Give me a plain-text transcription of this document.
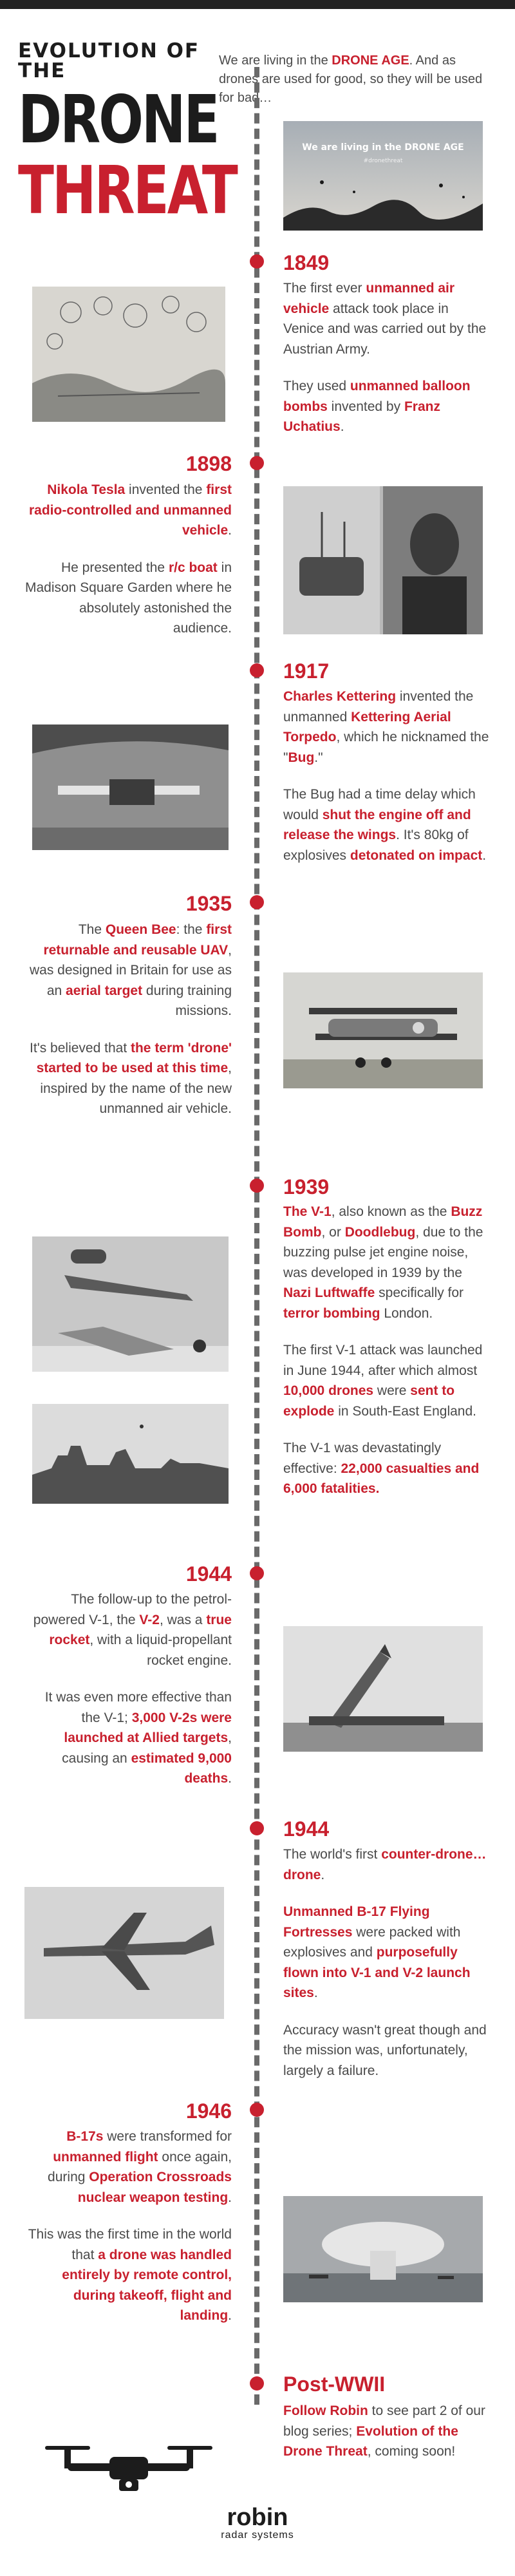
EVOLUTION OF THE
DRONE
THREAT
We are living in the DRONE AGE. And as drones are used for good, so they will be used for bad…
We are living in the DRONE AGE
#dronethreat
1849

The first ever unmanned air vehicle attack took place in Venice and was carried out by the Austrian Army.

They used unmanned balloon bombs invented by Franz Uchatius.

1898

Nikola Tesla invented the first radio-controlled and unmanned vehicle.

He presented the r/c boat in Madison Square Garden where he absolutely astonished the audience.

1917

Charles Kettering invented the unmanned Kettering Aerial Torpedo, which he nicknamed the "Bug."

The Bug had a time delay which would shut the engine off and release the wings. It's 80kg of explosives detonated on impact.

1935

The Queen Bee: the first returnable and reusable UAV, was designed in Britain for use as an aerial target during training missions.

It's believed that the term 'drone' started to be used at this time, inspired by the name of the new unmanned air vehicle.

1939

The V-1, also known as the Buzz Bomb, or Doodlebug, due to the buzzing pulse jet engine noise, was developed in 1939 by the Nazi Luftwaffe specifically for terror bombing London.

The first V-1 attack was launched in June 1944, after which almost 10,000 drones were sent to explode in South-East England.

The V-1 was devastatingly effective: 22,000 casualties and 6,000 fatalities.

1944

The follow-up to the petrol-powered V-1, the V-2, was a true rocket, with a liquid-propellant rocket engine.

It was even more effective than the V-1; 3,000 V-2s were launched at Allied targets, causing an estimated 9,000 deaths.

1944

The world's first counter-drone… drone.

Unmanned B-17 Flying Fortresses were packed with explosives and purposefully flown into V-1 and V-2 launch sites.

Accuracy wasn't great though and the mission was, unfortunately, largely a failure.

1946

B-17s were transformed for unmanned flight once again, during Operation Crossroads nuclear weapon testing.

This was the first time in the world that a drone was handled entirely by remote control, during takeoff, flight and landing.

Post-WWII

Follow Robin to see part 2 of our blog series; Evolution of the Drone Threat, coming soon!

robin
radar systems
